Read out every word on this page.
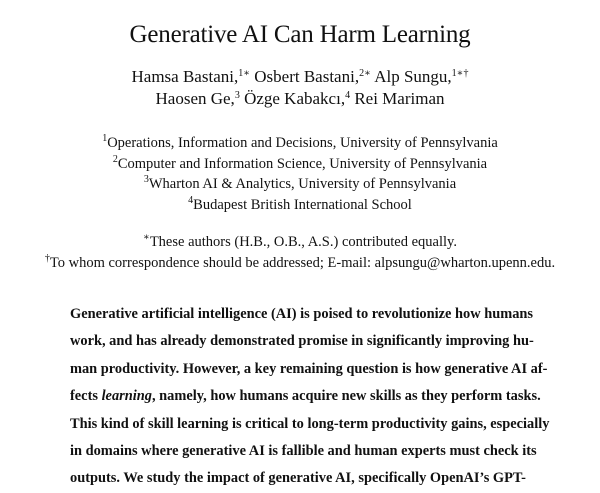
Generative AI Can Harm Learning
Hamsa Bastani,$^{1∗}$ Osbert Bastani,$^{2∗}$ Alp Sungu,$^{1∗\dagger}$
Haosen Ge,$^3$ Özge Kabakcı,$^4$ Rei Mariman
$^1$Operations, Information and Decisions, University of Pennsylvania
$^2$Computer and Information Science, University of Pennsylvania
$^3$Wharton AI & Analytics, University of Pennsylvania
$^4$Budapest British International School
∗These authors (H.B., O.B., A.S.) contributed equally.
†To whom correspondence should be addressed; E-mail: alpsungu@wharton.upenn.edu.
Generative artificial intelligence (AI) is poised to revolutionize how humans
work, and has already demonstrated promise in significantly improving hu-
man productivity. However, a key remaining question is how generative AI af-
fects learning, namely, how humans acquire new skills as they perform tasks.
This kind of skill learning is critical to long-term productivity gains, especially
in domains where generative AI is fallible and human experts must check its
outputs. We study the impact of generative AI, specifically OpenAI’s GPT-
